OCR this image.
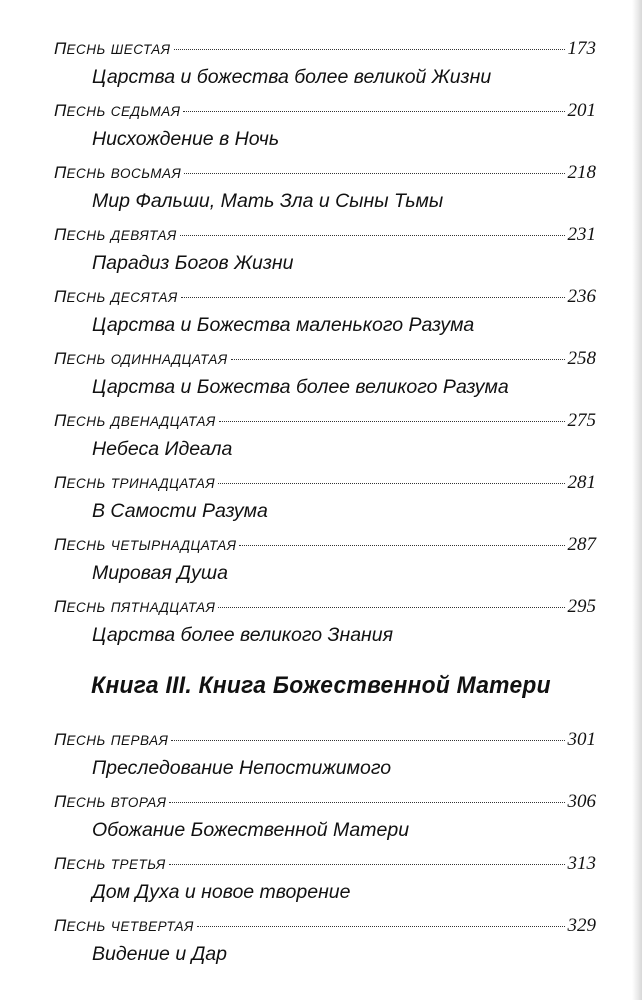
ПЕСНЬ ШЕСТАЯ	173
Царства и божества более великой Жизни
ПЕСНЬ СЕДЬМАЯ	201
Нисхождение в Ночь
ПЕСНЬ ВОСЬМАЯ	218
Мир Фальши, Мать Зла и Сыны Тьмы
ПЕСНЬ ДЕВЯТАЯ	231
Парадиз Богов Жизни
ПЕСНЬ ДЕСЯТАЯ	236
Царства и Божества маленького Разума
ПЕСНЬ ОДИННАДЦАТАЯ	258
Царства и Божества более великого Разума
ПЕСНЬ ДВЕНАДЦАТАЯ	275
Небеса Идеала
ПЕСНЬ ТРИНАДЦАТАЯ	281
В Самости Разума
ПЕСНЬ ЧЕТЫРНАДЦАТАЯ	287
Мировая Душа
ПЕСНЬ ПЯТНАДЦАТАЯ	295
Царства более великого Знания
Книга III. Книга Божественной Матери
ПЕСНЬ ПЕРВАЯ	301
Преследование Непостижимого
ПЕСНЬ ВТОРАЯ	306
Обожание Божественной Матери
ПЕСНЬ ТРЕТЬЯ	313
Дом Духа и новое творение
ПЕСНЬ ЧЕТВЕРТАЯ	329
Видение и Дар
